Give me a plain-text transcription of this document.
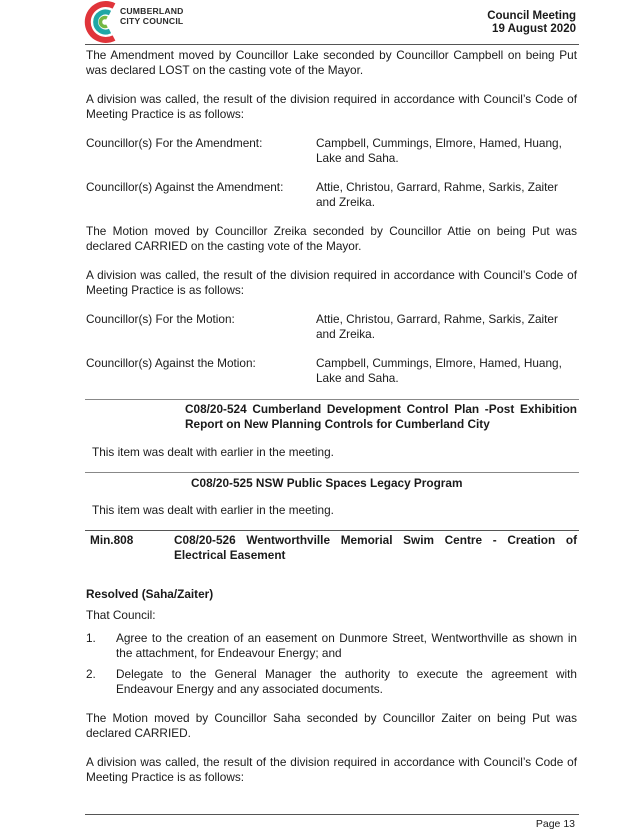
CUMBERLAND
CITY COUNCIL	Council Meeting
19 August 2020

The Amendment moved by Councillor Lake seconded by Councillor Campbell on being Put was declared LOST on the casting vote of the Mayor.

A division was called, the result of the division required in accordance with Council’s Code of Meeting Practice is as follows:

Councillor(s) For the Amendment:	Campbell, Cummings, Elmore, Hamed, Huang, Lake and Saha.
Councillor(s) Against the Amendment:	Attie, Christou, Garrard, Rahme, Sarkis, Zaiter and Zreika.

The Motion moved by Councillor Zreika seconded by Councillor Attie on being Put was declared CARRIED on the casting vote of the Mayor.

A division was called, the result of the division required in accordance with Council’s Code of Meeting Practice is as follows:

Councillor(s) For the Motion:	Attie, Christou, Garrard, Rahme, Sarkis, Zaiter and Zreika.
Councillor(s) Against the Motion:	Campbell, Cummings, Elmore, Hamed, Huang, Lake and Saha.
C08/20-524 Cumberland Development Control Plan -Post Exhibition Report on New Planning Controls for Cumberland City
This item was dealt with earlier in the meeting.
C08/20-525 NSW Public Spaces Legacy Program
This item was dealt with earlier in the meeting.
Min.808	C08/20-526 Wentworthville Memorial Swim Centre - Creation of Electrical Easement
Resolved (Saha/Zaiter)
That Council:
1. Agree to the creation of an easement on Dunmore Street, Wentworthville as shown in the attachment, for Endeavour Energy; and
2. Delegate to the General Manager the authority to execute the agreement with Endeavour Energy and any associated documents.

The Motion moved by Councillor Saha seconded by Councillor Zaiter on being Put was declared CARRIED.

A division was called, the result of the division required in accordance with Council’s Code of Meeting Practice is as follows:

Page 13
